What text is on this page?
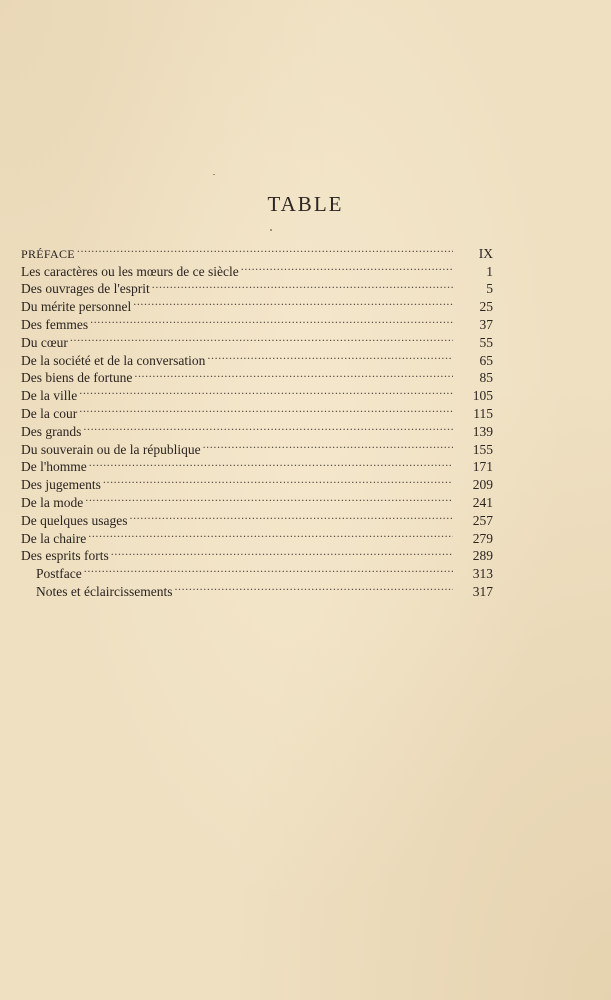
TABLE
PRÉFACE . . .	IX
Les caractères ou les mœurs de ce siècle . . .	1
Des ouvrages de l'esprit . . .	5
Du mérite personnel . . .	25
Des femmes . . .	37
Du cœur . . .	55
De la société et de la conversation . . .	65
Des biens de fortune . . .	85
De la ville . . .	105
De la cour . . .	115
Des grands . . .	139
Du souverain ou de la république . . .	155
De l'homme . . .	171
Des jugements . . .	209
De la mode . . .	241
De quelques usages . . .	257
De la chaire . . .	279
Des esprits forts . . .	289
Postface . . .	313
Notes et éclaircissements . . .	317
